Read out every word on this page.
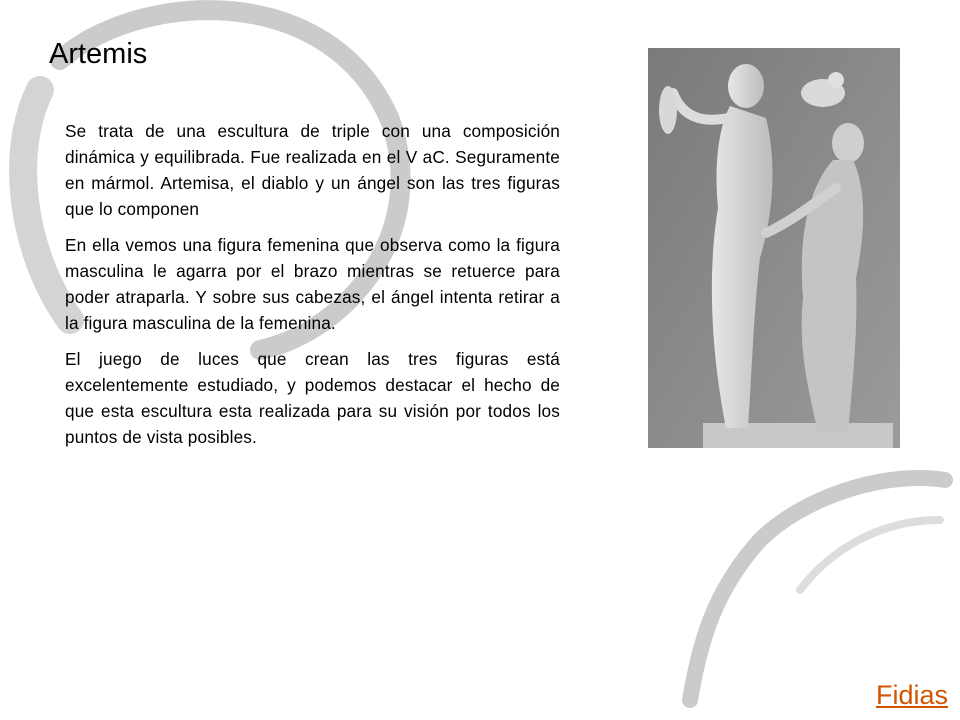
Artemis

Se trata de una escultura de triple con una composición dinámica y equilibrada. Fue realizada en el V aC. Seguramente en mármol. Artemisa, el diablo y un ángel son las tres figuras que lo componen

En ella vemos una figura femenina que observa como la figura masculina le agarra por el brazo mientras se retuerce para poder atraparla. Y sobre sus cabezas, el ángel intenta retirar a la figura masculina de la femenina.

El juego de luces que crean las tres figuras está excelentemente estudiado, y podemos destacar el hecho de que esta escultura esta realizada para su visión por todos los puntos de vista posibles.

Fidias
